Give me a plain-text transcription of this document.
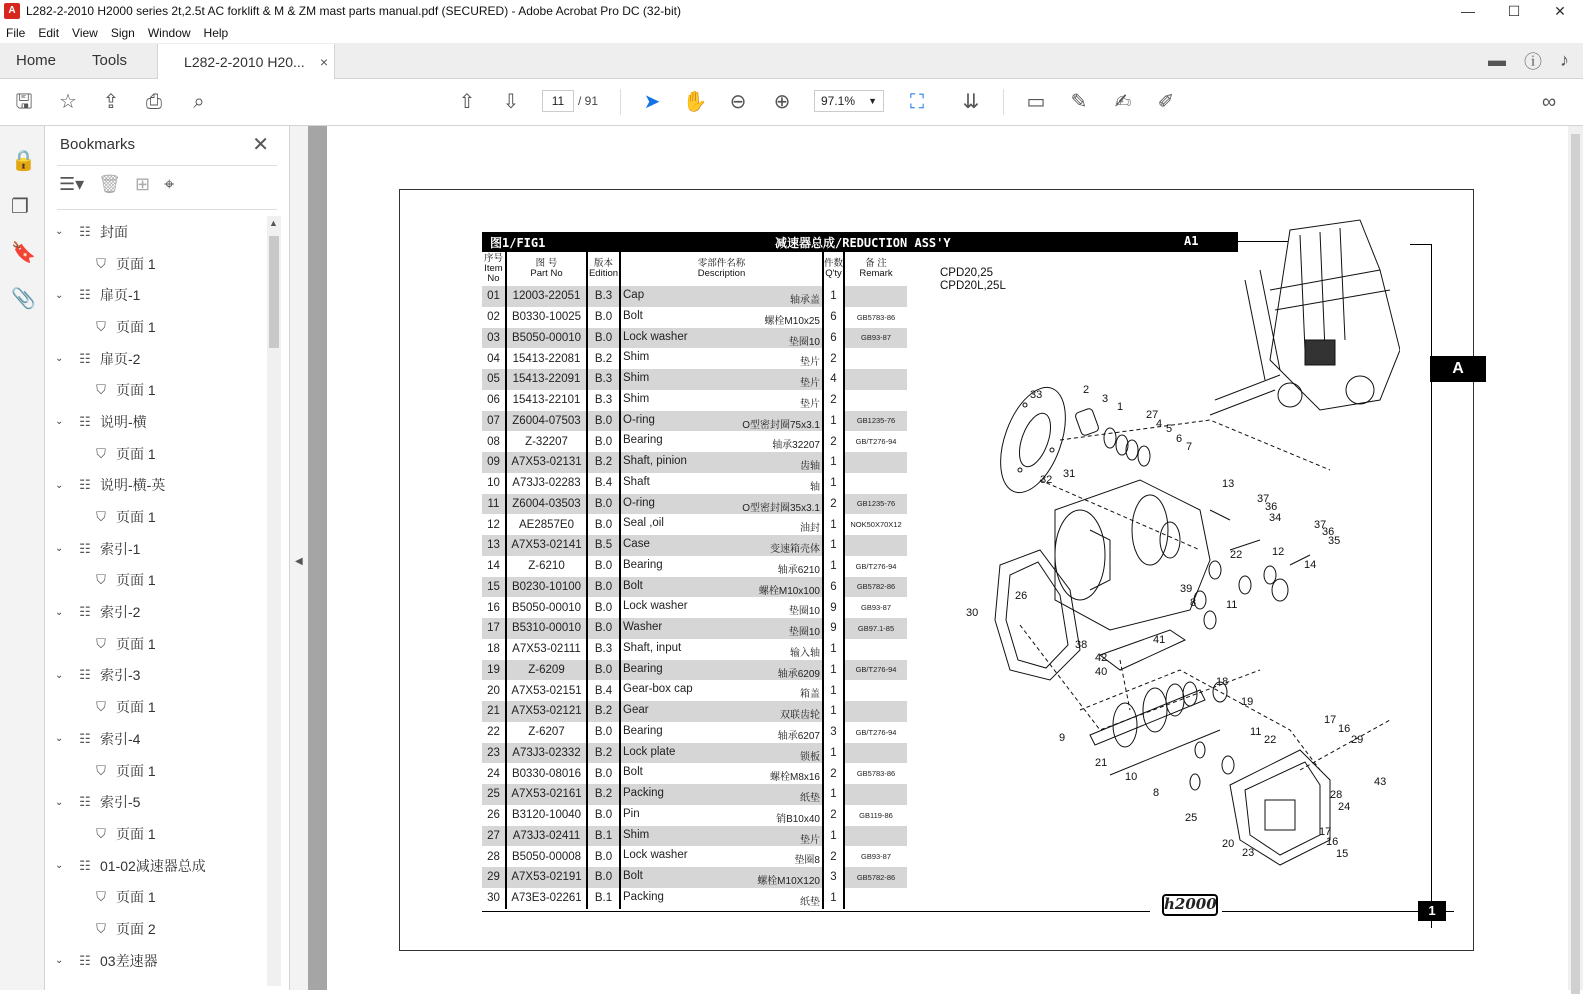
A L282-2-2010 H2000 series 2t,2.5t AC forklift & M & ZM mast parts manual.pdf (SECURED) - Adobe Acrobat Pro DC (32-bit)	—	☐	✕
File Edit View Sign Window Help
Home Tools	L282-2-2010 H20... ×	▬ ⓘ ♪
🖫 ☆ ⇪ ⎙	⌕	⇧ ⇩	11	/ 91 ➤ ✋ ⊖ ⊕	97.1% ▼	⛶	⇊ ▭ ✎ ✍ ✐	∞
🔒
❐
🔖
📎
Bookmarks	✕
☰▾ 🗑 ⊞ ⌖
⌄	☷ 封面
⛉ 页面 1
⌄	☷ 扉页-1
⛉ 页面 1
⌄	☷ 扉页-2
⛉ 页面 1
⌄	☷ 说明-横
⛉ 页面 1
⌄	☷ 说明-横-英
⛉ 页面 1
⌄	☷ 索引-1
⛉ 页面 1
⌄	☷ 索引-2
⛉ 页面 1
⌄	☷ 索引-3
⛉ 页面 1
⌄	☷ 索引-4
⛉ 页面 1
⌄	☷ 索引-5
⛉ 页面 1
⌄	☷ 01-02减速器总成
⛉ 页面 1
⛉ 页面 2
⌄	☷ 03差速器
▲
◀
图1/FIG1	减速器总成/REDUCTION ASS'Y	A1
序号
Item
No	图 号
Part No	版本
Edition	零部件名称
Description	件数
Q'ty	备 注
Remark
01	12003-22051	B.3	Cap 轴承盖	1	
02	B0330-10025	B.0	Bolt 螺栓M10x25	6	GB5783-86
03	B5050-00010	B.0	Lock washer 垫圈10	6	GB93-87
04	15413-22081	B.2	Shim 垫片	2	
05	15413-22091	B.3	Shim 垫片	4	
06	15413-22101	B.3	Shim 垫片	2	
07	Z6004-07503	B.0	O-ring O型密封圈75x3.1	1	GB1235-76
08	Z-32207	B.0	Bearing 轴承32207	2	GB/T276-94
09	A7X53-02131	B.2	Shaft, pinion 齿轴	1	
10	A73J3-02283	B.4	Shaft 轴	1	
11	Z6004-03503	B.0	O-ring O型密封圈35x3.1	2	GB1235-76
12	AE2857E0	B.0	Seal ,oil 油封	1	NOK50X70X12
13	A7X53-02141	B.5	Case 变速箱壳体	1	
14	Z-6210	B.0	Bearing 轴承6210	1	GB/T276-94
15	B0230-10100	B.0	Bolt 螺栓M10x100	6	GB5782-86
16	B5050-00010	B.0	Lock washer 垫圈10	9	GB93-87
17	B5310-00010	B.0	Washer 垫圈10	9	GB97.1-85
18	A7X53-02111	B.3	Shaft, input 输入轴	1	
19	Z-6209	B.0	Bearing 轴承6209	1	GB/T276-94
20	A7X53-02151	B.4	Gear-box cap 箱盖	1	
21	A7X53-02121	B.2	Gear 双联齿轮	1	
22	Z-6207	B.0	Bearing 轴承6207	3	GB/T276-94
23	A73J3-02332	B.2	Lock plate 锁板	1	
24	B0330-08016	B.0	Bolt 螺栓M8x16	2	GB5783-86
25	A7X53-02161	B.2	Packing 纸垫	1	
26	B3120-10040	B.0	Pin 销B10x40	2	GB119-86
27	A73J3-02411	B.1	Shim 垫片	1	
28	B5050-00008	B.0	Lock washer 垫圈8	2	GB93-87
29	A7X53-02191	B.0	Bolt 螺栓M10X120	3	GB5782-86
30	A73E3-02261	B.1	Packing 纸垫	1	
CPD20,25
CPD20L,25L
33	2
3
1
27
4 5
6
7
32 31
13
37
36
34
37
36
35
12
22
14
30
26
39
8	11
38	41
42
40
18
19
9
21
10
11
22
8
17
16
29
43
25
20
23
17
16
15
28
24
A
h2000	1
